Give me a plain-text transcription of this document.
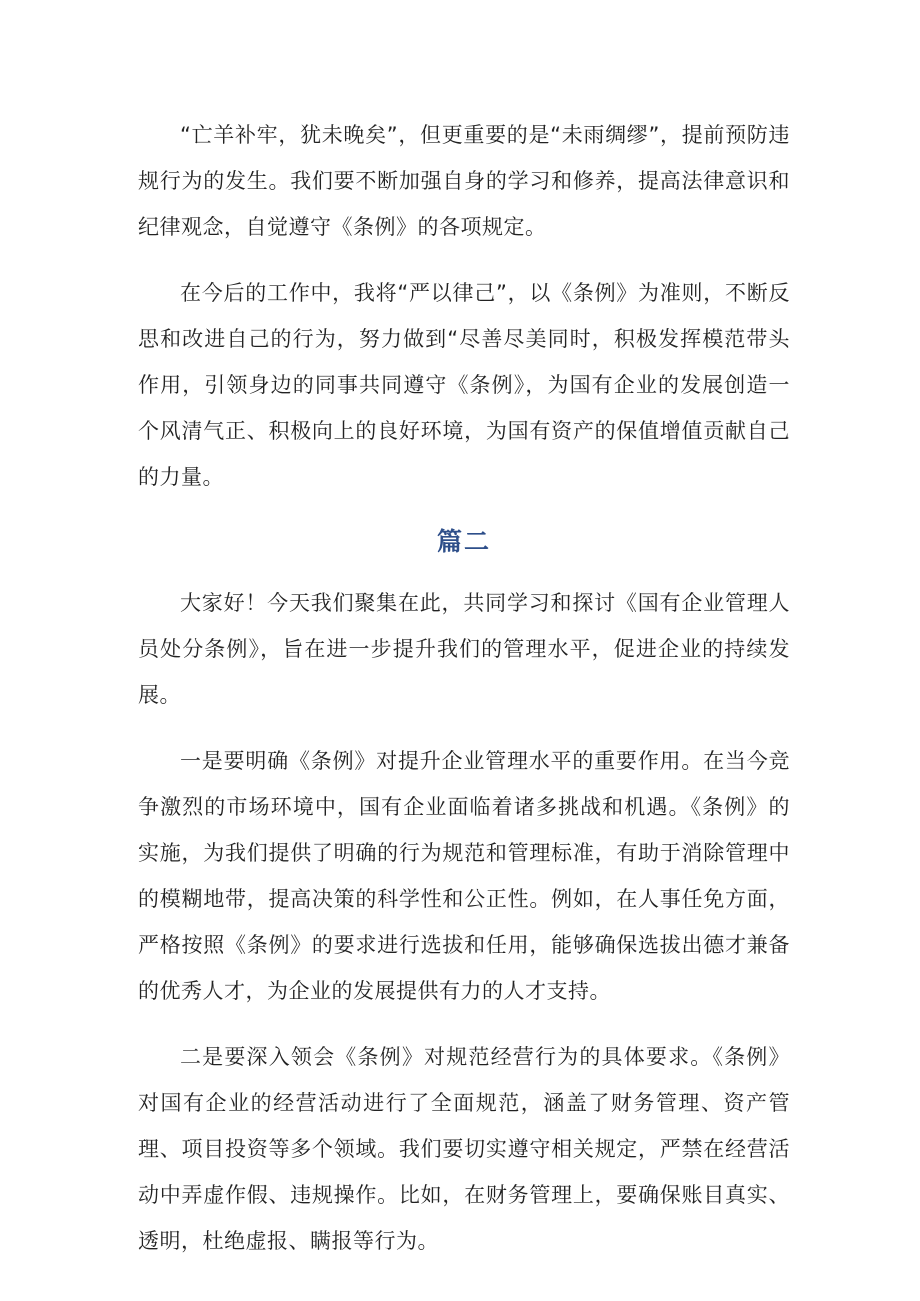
“亡羊补牢，犹未晚矣”，但更重要的是“未雨绸缪”，提前预防违规行为的发生。我们要不断加强自身的学习和修养，提高法律意识和纪律观念，自觉遵守《条例》的各项规定。

在今后的工作中，我将“严以律己”，以《条例》为准则，不断反思和改进自己的行为，努力做到“尽善尽美同时，积极发挥模范带头作用，引领身边的同事共同遵守《条例》，为国有企业的发展创造一个风清气正、积极向上的良好环境，为国有资产的保值增值贡献自己的力量。

篇二

大家好！今天我们聚集在此，共同学习和探讨《国有企业管理人员处分条例》，旨在进一步提升我们的管理水平，促进企业的持续发展。

一是要明确《条例》对提升企业管理水平的重要作用。在当今竞争激烈的市场环境中，国有企业面临着诸多挑战和机遇。《条例》的实施，为我们提供了明确的行为规范和管理标准，有助于消除管理中的模糊地带，提高决策的科学性和公正性。例如，在人事任免方面，严格按照《条例》的要求进行选拔和任用，能够确保选拔出德才兼备的优秀人才，为企业的发展提供有力的人才支持。

二是要深入领会《条例》对规范经营行为的具体要求。《条例》对国有企业的经营活动进行了全面规范，涵盖了财务管理、资产管理、项目投资等多个领域。我们要切实遵守相关规定，严禁在经营活动中弄虚作假、违规操作。比如，在财务管理上，要确保账目真实、透明，杜绝虚报、瞒报等行为。
